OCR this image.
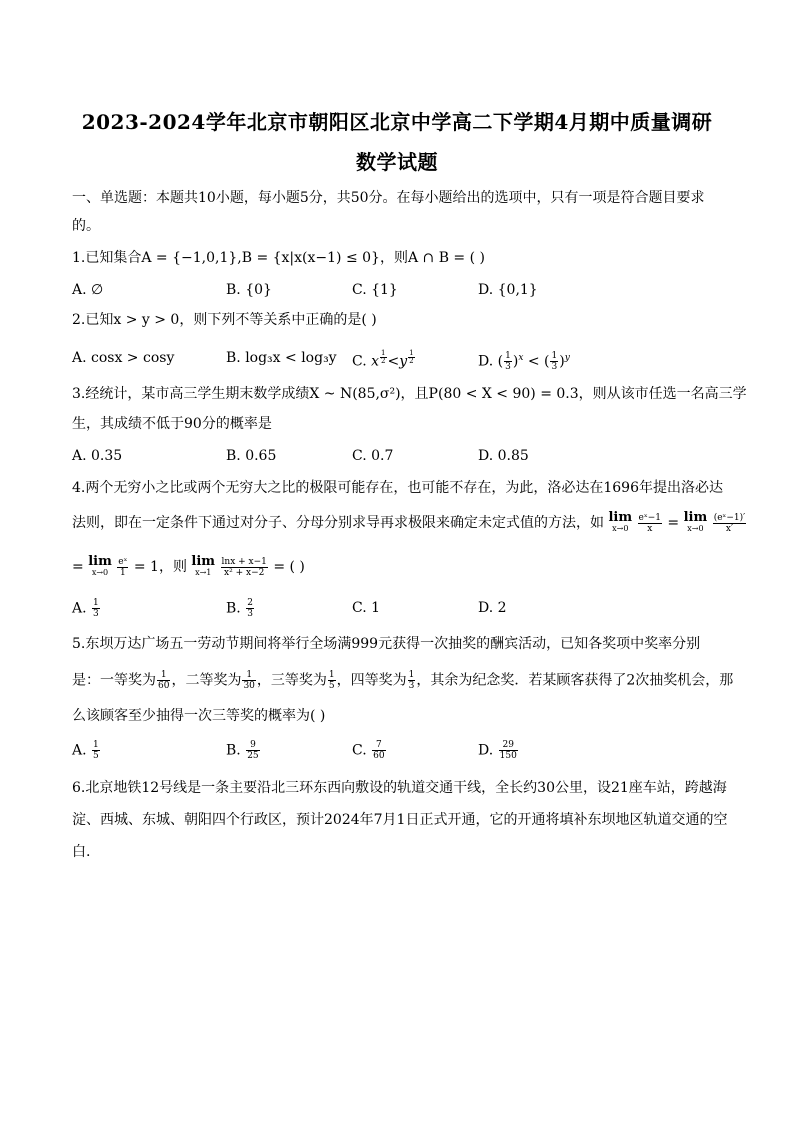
2023-2024学年北京市朝阳区北京中学高二下学期4月期中质量调研
数学试题
一、单选题：本题共10小题，每小题5分，共50分。在每小题给出的选项中，只有一项是符合题目要求
的。
1.已知集合A = {−1,0,1},B = {x|x(x−1) ≤ 0}，则A ∩ B = ( )
A. ∅	B. {0}	C. {1}	D. {0,1}
2.已知x > y > 0，则下列不等关系中正确的是( )
A. cosx > cosy	B. log₃x < log₃y C. x $^{\frac{1}{2}}$ <y $^{\frac{1}{2}}$	D. ( $\frac{1}{3} )^x$ < ( $\frac{1}{3} )^y$
3.经统计，某市高三学生期末数学成绩X ~ N(85,σ²)，且P(80 < X < 90) = 0.3，则从该市任选一名高三学
生，其成绩不低于90分的概率是
A. 0.35	B. 0.65	C. 0.7	D. 0.85
4.两个无穷小之比或两个无穷大之比的极限可能存在，也可能不存在，为此，洛必达在1696年提出洛必达
法则，即在一定条件下通过对分子、分母分别求导再求极限来确定未定式值的方法，如 lim
x→0
	$\frac{\text{eˣ−1}}{x} = \lim$
x→0
	$\frac{\text{(eˣ−1)′}}{x'}$
= lim
x→0
	$\frac{\text{eˣ}}{1} = 1$，则 lim
x→1
	$\frac{\ln x + x-1}{\text{x² + x−2}}$ = ( )
A. $\frac{1}{3}$	B. $\frac{2}{3}$	C. 1	D. 2
5.东坝万达广场五一劳动节期间将举行全场满999元获得一次抽奖的酬宾活动，已知各奖项中奖率分别
是：一等奖为 $\frac{1}{60}$ ，二等奖为 $\frac{1}{30}$ ，三等奖为 $\frac{1}{5}$ ，四等奖为 $\frac{1}{3}$ ，其余为纪念奖．若某顾客获得了2次抽奖机会，那
么该顾客至少抽得一次三等奖的概率为( )
A. $\frac{1}{5}$	B. $\frac{9}{25}$	C. $\frac{7}{60}$	D. $\frac{29}{150}$
6.北京地铁12号线是一条主要沿北三环东西向敷设的轨道交通干线，全长约30公里，设21座车站，跨越海
淀、西城、东城、朝阳四个行政区，预计2024年7月1日正式开通，它的开通将填补东坝地区轨道交通的空
白.
